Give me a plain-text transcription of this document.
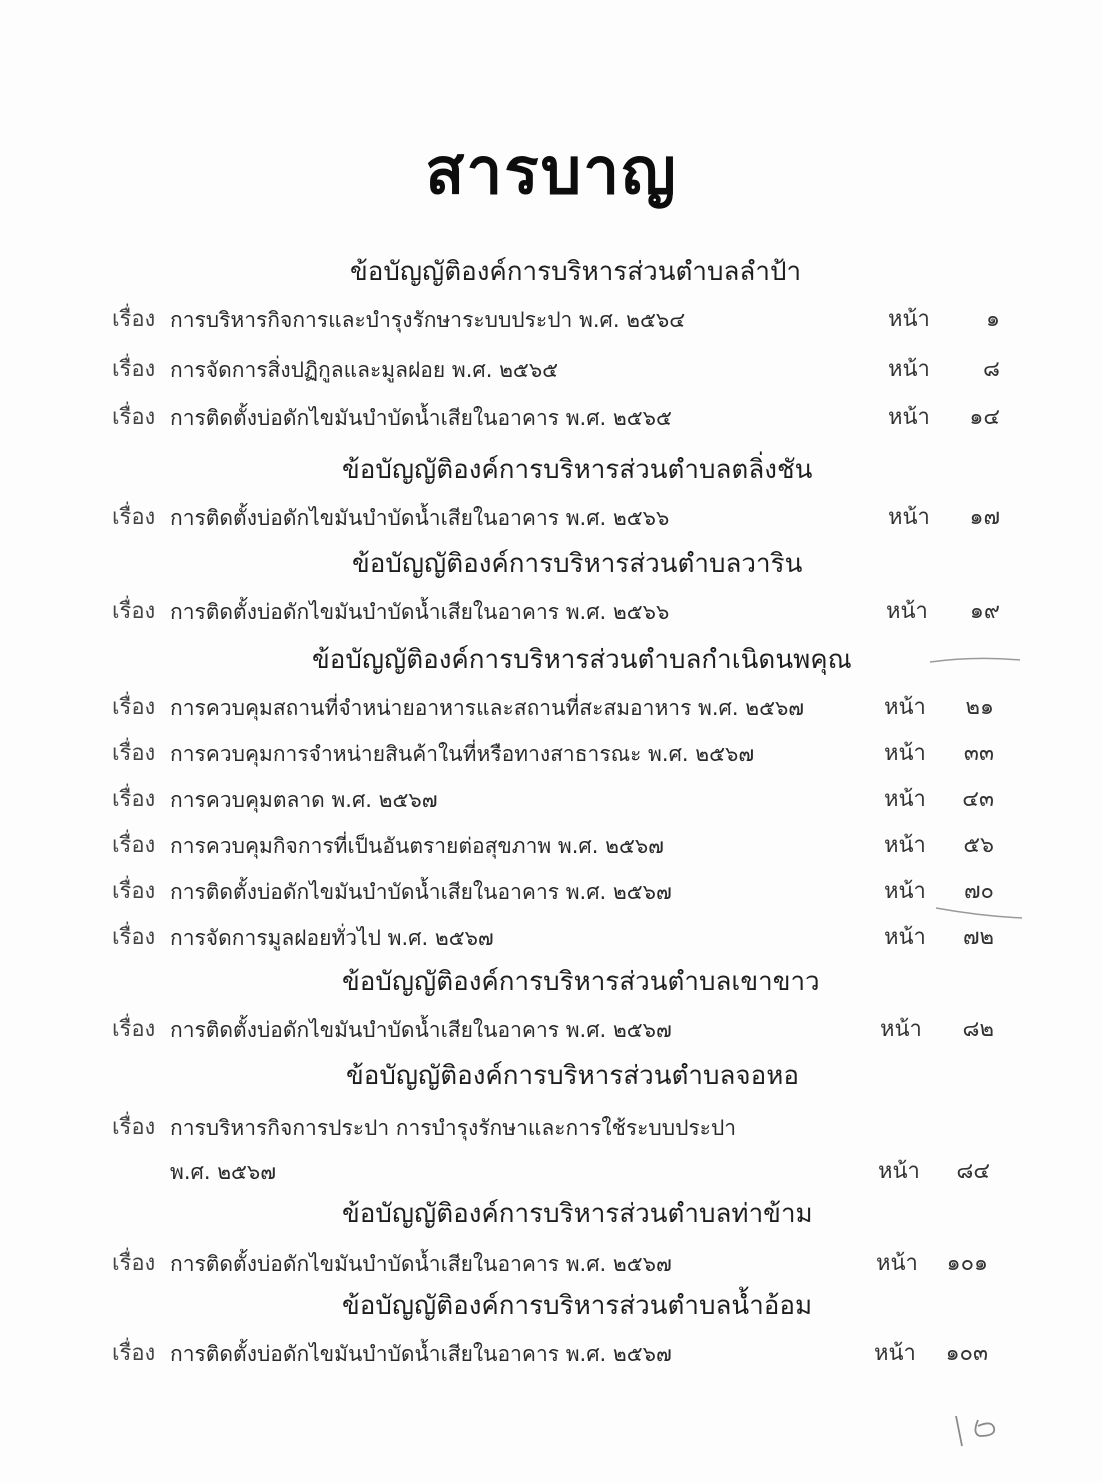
สารบาญ
ข้อบัญญัติองค์การบริหารส่วนตำบลลำป้า
เรื่อง การบริหารกิจการและบำรุงรักษาระบบประปา พ.ศ. ๒๕๖๔	หน้า	๑
เรื่อง การจัดการสิ่งปฏิกูลและมูลฝอย พ.ศ. ๒๕๖๕	หน้า	๘
เรื่อง การติดตั้งบ่อดักไขมันบำบัดน้ำเสียในอาคาร พ.ศ. ๒๕๖๕	หน้า	๑๔
ข้อบัญญัติองค์การบริหารส่วนตำบลตลิ่งชัน
เรื่อง การติดตั้งบ่อดักไขมันบำบัดน้ำเสียในอาคาร พ.ศ. ๒๕๖๖	หน้า	๑๗
ข้อบัญญัติองค์การบริหารส่วนตำบลวาริน
เรื่อง การติดตั้งบ่อดักไขมันบำบัดน้ำเสียในอาคาร พ.ศ. ๒๕๖๖	หน้า	๑๙
ข้อบัญญัติองค์การบริหารส่วนตำบลกำเนิดนพคุณ
เรื่อง การควบคุมสถานที่จำหน่ายอาหารและสถานที่สะสมอาหาร พ.ศ. ๒๕๖๗	หน้า	๒๑
เรื่อง การควบคุมการจำหน่ายสินค้าในที่หรือทางสาธารณะ พ.ศ. ๒๕๖๗	หน้า	๓๓
เรื่อง การควบคุมตลาด พ.ศ. ๒๕๖๗	หน้า	๔๓
เรื่อง การควบคุมกิจการที่เป็นอันตรายต่อสุขภาพ พ.ศ. ๒๕๖๗	หน้า	๕๖
เรื่อง การติดตั้งบ่อดักไขมันบำบัดน้ำเสียในอาคาร พ.ศ. ๒๕๖๗	หน้า	๗๐
เรื่อง การจัดการมูลฝอยทั่วไป พ.ศ. ๒๕๖๗	หน้า	๗๒
ข้อบัญญัติองค์การบริหารส่วนตำบลเขาขาว
เรื่อง การติดตั้งบ่อดักไขมันบำบัดน้ำเสียในอาคาร พ.ศ. ๒๕๖๗	หน้า	๘๒
ข้อบัญญัติองค์การบริหารส่วนตำบลจอหอ
เรื่อง การบริหารกิจการประปา การบำรุงรักษาและการใช้ระบบประปา
พ.ศ. ๒๕๖๗	หน้า	๘๔
ข้อบัญญัติองค์การบริหารส่วนตำบลท่าข้าม
เรื่อง การติดตั้งบ่อดักไขมันบำบัดน้ำเสียในอาคาร พ.ศ. ๒๕๖๗	หน้า	๑๐๑
ข้อบัญญัติองค์การบริหารส่วนตำบลน้ำอ้อม
เรื่อง การติดตั้งบ่อดักไขมันบำบัดน้ำเสียในอาคาร พ.ศ. ๒๕๖๗	หน้า	๑๐๓
